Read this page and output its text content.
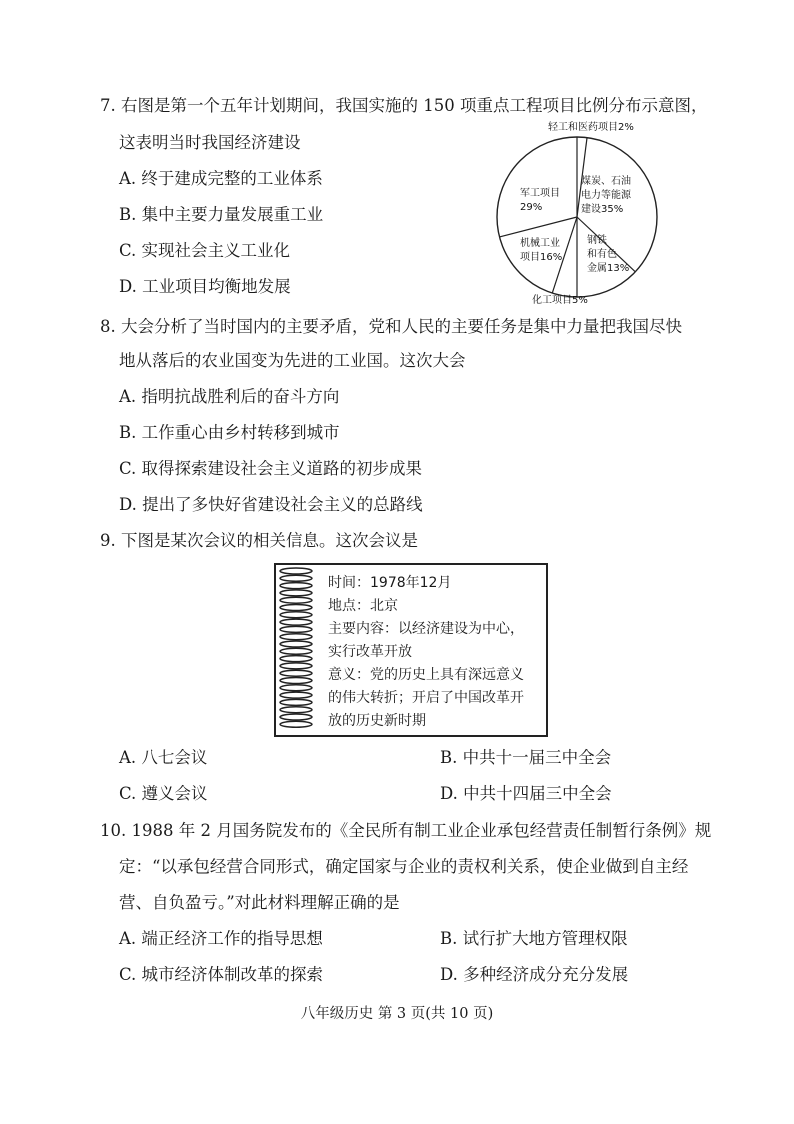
7. 右图是第一个五年计划期间，我国实施的 150 项重点工程项目比例分布示意图，
这表明当时我国经济建设
A. 终于建成完整的工业体系
B. 集中主要力量发展重工业
C. 实现社会主义工业化
D. 工业项目均衡地发展
轻工和医药项目2%
煤炭、石油
电力等能源
建设35%
钢铁
和有色
金属13%
机械工业
项目16%
军工项目
29%
化工项目5%
8. 大会分析了当时国内的主要矛盾，党和人民的主要任务是集中力量把我国尽快
地从落后的农业国变为先进的工业国。这次大会
A. 指明抗战胜利后的奋斗方向
B. 工作重心由乡村转移到城市
C. 取得探索建设社会主义道路的初步成果
D. 提出了多快好省建设社会主义的总路线
9. 下图是某次会议的相关信息。这次会议是
时间：1978年12月
地点：北京
主要内容：以经济建设为中心，
实行改革开放
意义：党的历史上具有深远意义
的伟大转折；开启了中国改革开
放的历史新时期
A. 八七会议	B. 中共十一届三中全会
C. 遵义会议	D. 中共十四届三中全会
10. 1988 年 2 月国务院发布的《全民所有制工业企业承包经营责任制暂行条例》规
定：“以承包经营合同形式，确定国家与企业的责权利关系，使企业做到自主经
营、自负盈亏。”对此材料理解正确的是
A. 端正经济工作的指导思想	B. 试行扩大地方管理权限
C. 城市经济体制改革的探索	D. 多种经济成分充分发展
八年级历史 第 3 页(共 10 页)
